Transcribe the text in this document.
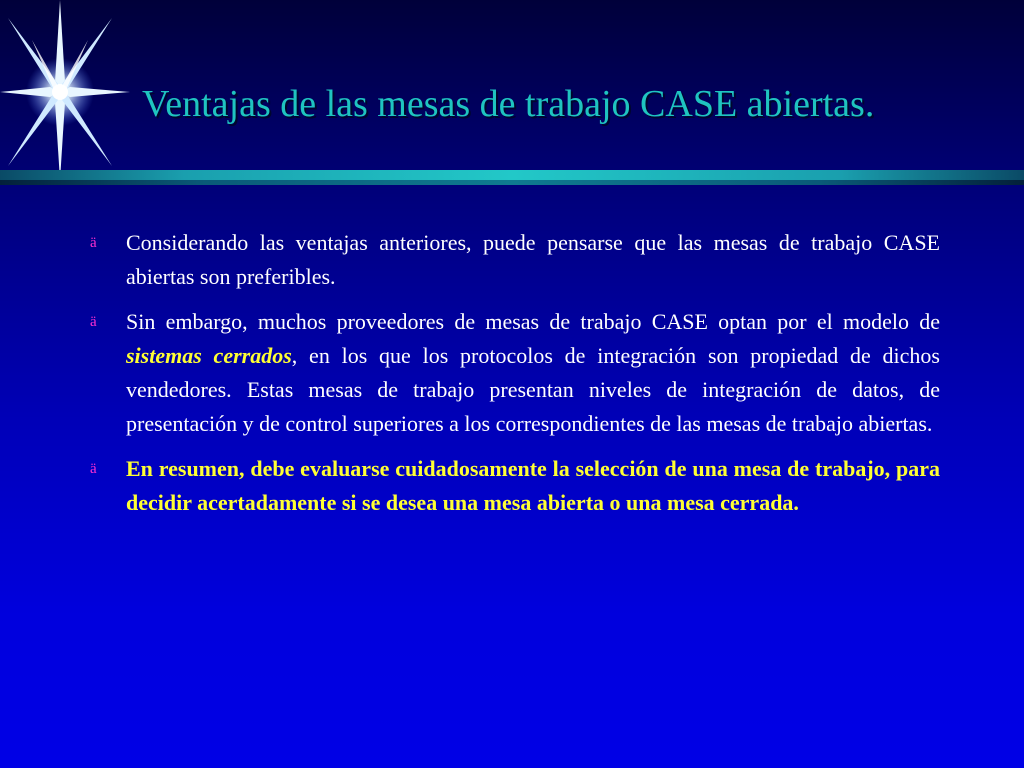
Ventajas de las mesas de trabajo CASE abiertas.
ä Considerando las ventajas anteriores, puede pensarse que las mesas de trabajo CASE abiertas son preferibles.
ä Sin embargo, muchos proveedores de mesas de trabajo CASE optan por el modelo de sistemas cerrados, en los que los protocolos de integración son propiedad de dichos vendedores. Estas mesas de trabajo presentan niveles de integración de datos, de presentación y de control superiores a los correspondientes de las mesas de trabajo abiertas.
ä En resumen, debe evaluarse cuidadosamente la selección de una mesa de trabajo, para decidir acertadamente si se desea una mesa abierta o una mesa cerrada.
